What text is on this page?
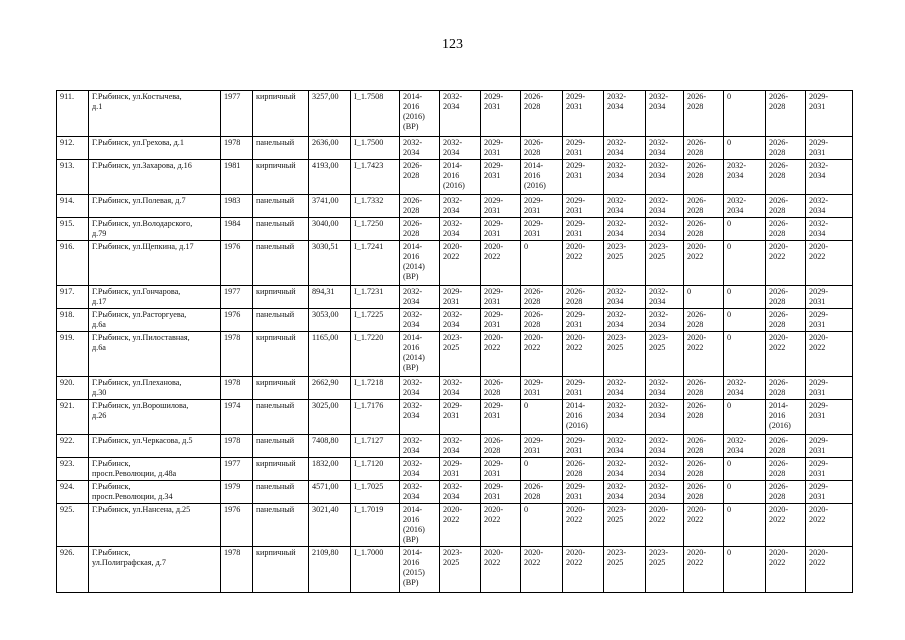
123
911.	Г.Рыбинск, ул.Костычева,
д.1	1977	кирпичный	3257,00	I_1.7508	2014-
2016
(2016)
(ВР)	2032-
2034	2029-
2031	2026-
2028	2029-
2031	2032-
2034	2032-
2034	2026-
2028	0	2026-
2028	2029-
2031

912.	Г.Рыбинск, ул.Грехова, д.1	1978	панельный	2636,00	I_1.7500	2032-
2034	2032-
2034	2029-
2031	2026-
2028	2029-
2031	2032-
2034	2032-
2034	2026-
2028	0	2026-
2028	2029-
2031

913.	Г.Рыбинск, ул.Захарова, д.16	1981	кирпичный	4193,00	I_1.7423	2026-
2028	2014-
2016
(2016)	2029-
2031	2014-
2016
(2016)	2029-
2031	2032-
2034	2032-
2034	2026-
2028	2032-
2034	2026-
2028	2032-
2034

914.	Г.Рыбинск, ул.Полевая, д.7	1983	панельный	3741,00	I_1.7332	2026-
2028	2032-
2034	2029-
2031	2029-
2031	2029-
2031	2032-
2034	2032-
2034	2026-
2028	2032-
2034	2026-
2028	2032-
2034

915.	Г.Рыбинск, ул.Володарского,
д.79	1984	панельный	3040,00	I_1.7250	2026-
2028	2032-
2034	2029-
2031	2029-
2031	2029-
2031	2032-
2034	2032-
2034	2026-
2028	0	2026-
2028	2032-
2034

916.	Г.Рыбинск, ул.Щепкина, д.17	1976	панельный	3030,51	I_1.7241	2014-
2016
(2014)
(ВР)	2020-
2022	2020-
2022	0	2020-
2022	2023-
2025	2023-
2025	2020-
2022	0	2020-
2022	2020-
2022

917.	Г.Рыбинск, ул.Гончарова,
д.17	1977	кирпичный	894,31	I_1.7231	2032-
2034	2029-
2031	2029-
2031	2026-
2028	2026-
2028	2032-
2034	2032-
2034	0	0	2026-
2028	2029-
2031

918.	Г.Рыбинск, ул.Расторгуева,
д.6а	1976	панельный	3053,00	I_1.7225	2032-
2034	2032-
2034	2029-
2031	2026-
2028	2029-
2031	2032-
2034	2032-
2034	2026-
2028	0	2026-
2028	2029-
2031

919.	Г.Рыбинск, ул.Пилоставная,
д.6а	1978	кирпичный	1165,00	I_1.7220	2014-
2016
(2014)
(ВР)	2023-
2025	2020-
2022	2020-
2022	2020-
2022	2023-
2025	2023-
2025	2020-
2022	0	2020-
2022	2020-
2022

920.	Г.Рыбинск, ул.Плеханова,
д.30	1978	кирпичный	2662,90	I_1.7218	2032-
2034	2032-
2034	2026-
2028	2029-
2031	2029-
2031	2032-
2034	2032-
2034	2026-
2028	2032-
2034	2026-
2028	2029-
2031

921.	Г.Рыбинск, ул.Ворошилова,
д.26	1974	панельный	3025,00	I_1.7176	2032-
2034	2029-
2031	2029-
2031	0	2014-
2016
(2016)	2032-
2034	2032-
2034	2026-
2028	0	2014-
2016
(2016)	2029-
2031

922.	Г.Рыбинск, ул.Черкасова, д.5	1978	панельный	7408,80	I_1.7127	2032-
2034	2032-
2034	2026-
2028	2029-
2031	2029-
2031	2032-
2034	2032-
2034	2026-
2028	2032-
2034	2026-
2028	2029-
2031

923.	Г.Рыбинск,
просп.Революции, д.48а	1977	кирпичный	1832,00	I_1.7120	2032-
2034	2029-
2031	2029-
2031	0	2026-
2028	2032-
2034	2032-
2034	2026-
2028	0	2026-
2028	2029-
2031

924.	Г.Рыбинск,
просп.Революции, д.34	1979	панельный	4571,00	I_1.7025	2032-
2034	2032-
2034	2029-
2031	2026-
2028	2029-
2031	2032-
2034	2032-
2034	2026-
2028	0	2026-
2028	2029-
2031

925.	Г.Рыбинск, ул.Нансена, д.25	1976	панельный	3021,40	I_1.7019	2014-
2016
(2016)
(ВР)	2020-
2022	2020-
2022	0	2020-
2022	2023-
2025	2020-
2022	2020-
2022	0	2020-
2022	2020-
2022

926.	Г.Рыбинск,
ул.Полиграфская, д.7	1978	кирпичный	2109,80	I_1.7000	2014-
2016
(2015)
(ВР)	2023-
2025	2020-
2022	2020-
2022	2020-
2022	2023-
2025	2023-
2025	2020-
2022	0	2020-
2022	2020-
2022
